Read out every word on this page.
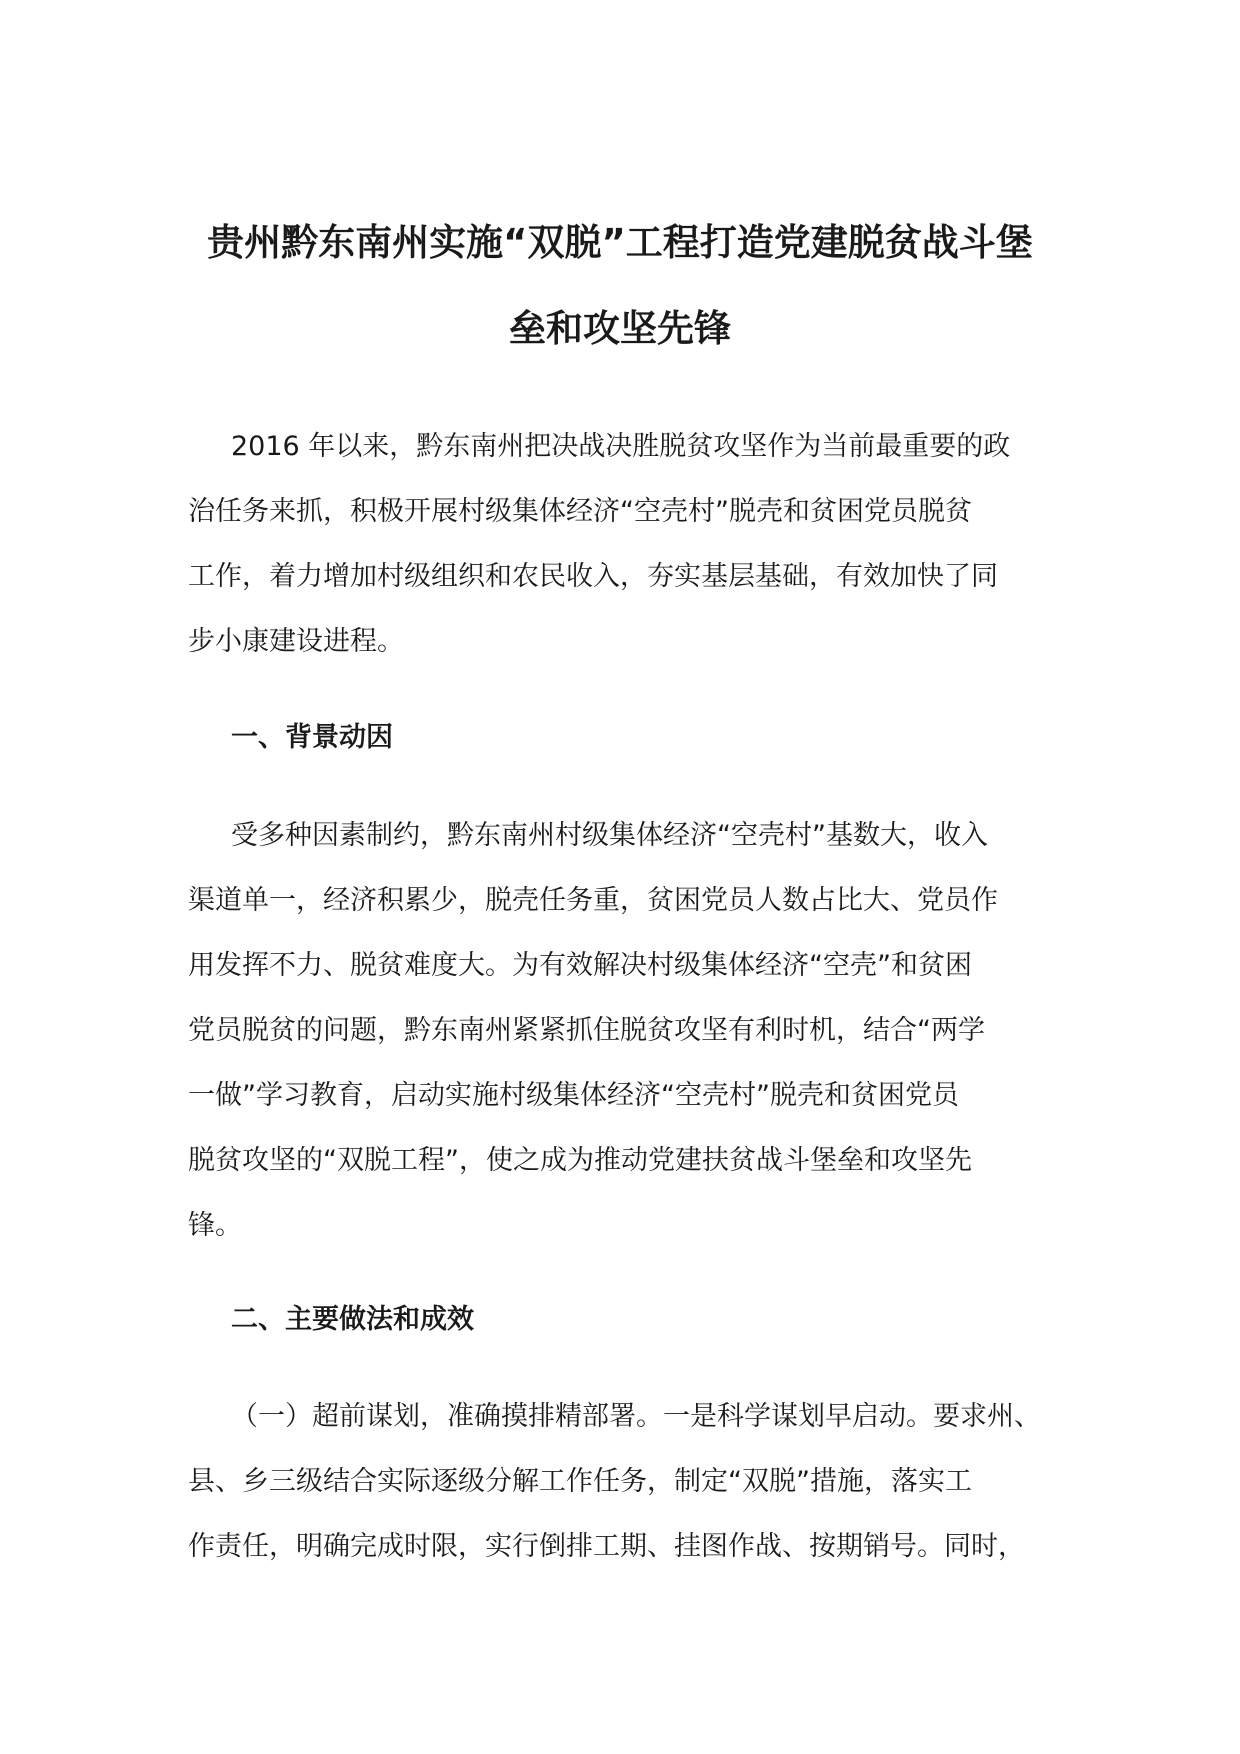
贵州黔东南州实施“双脱”工程打造党建脱贫战斗堡
垒和攻坚先锋
2016 年以来，黔东南州把决战决胜脱贫攻坚作为当前最重要的政
治任务来抓，积极开展村级集体经济“空壳村”脱壳和贫困党员脱贫
工作，着力增加村级组织和农民收入，夯实基层基础，有效加快了同
步小康建设进程。
一、背景动因
受多种因素制约，黔东南州村级集体经济“空壳村”基数大，收入
渠道单一，经济积累少，脱壳任务重，贫困党员人数占比大、党员作
用发挥不力、脱贫难度大。为有效解决村级集体经济“空壳”和贫困
党员脱贫的问题，黔东南州紧紧抓住脱贫攻坚有利时机，结合“两学
一做”学习教育，启动实施村级集体经济“空壳村”脱壳和贫困党员
脱贫攻坚的“双脱工程”，使之成为推动党建扶贫战斗堡垒和攻坚先
锋。
二、主要做法和成效
（一）超前谋划，准确摸排精部署。一是科学谋划早启动。要求州、
县、乡三级结合实际逐级分解工作任务，制定“双脱”措施，落实工
作责任，明确完成时限，实行倒排工期、挂图作战、按期销号。同时，
